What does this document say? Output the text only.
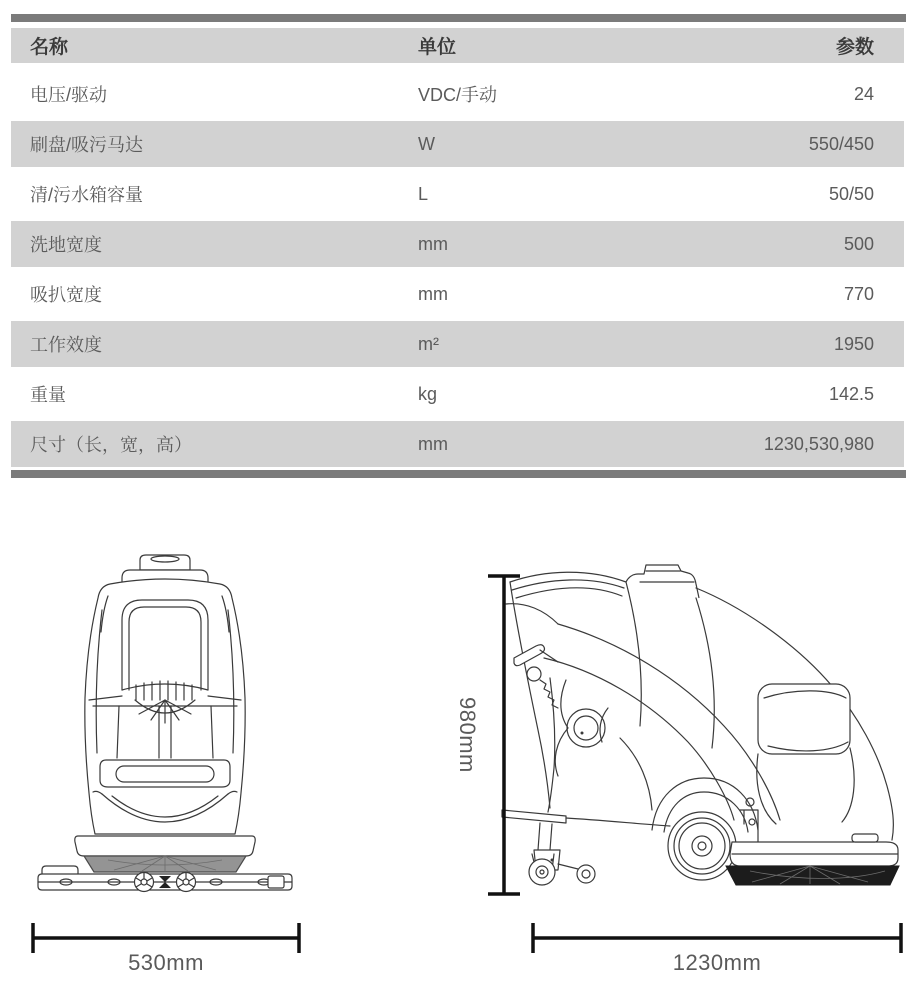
名称	单位	参数
电压/驱动	VDC/手动	24
刷盘/吸污马达	W	550/450
清/污水箱容量	L	50/50
洗地宽度	mm	500
吸扒宽度	mm	770
工作效度	m²	1950
重量	kg	142.5
尺寸（长，宽，高）	mm	1230,530,980
530mm
980mm
1230mm
